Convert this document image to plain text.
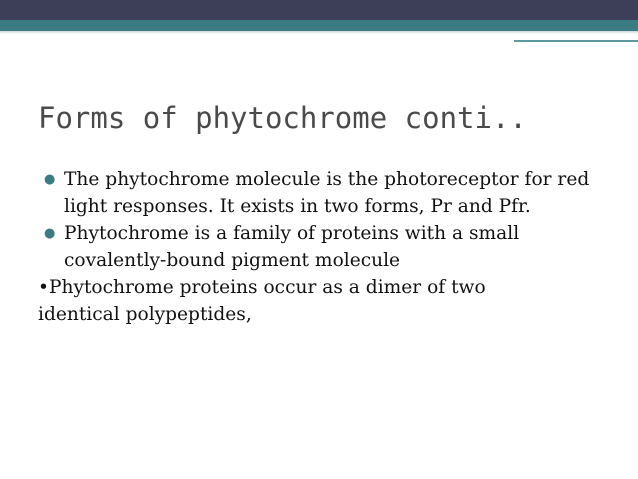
Forms of phytochrome conti..

● The phytochrome molecule is the photoreceptor for red light responses. It exists in two forms, Pr and Pfr.

● Phytochrome is a family of proteins with a small covalently-bound pigment molecule

•Phytochrome proteins occur as a dimer of two identical polypeptides,
